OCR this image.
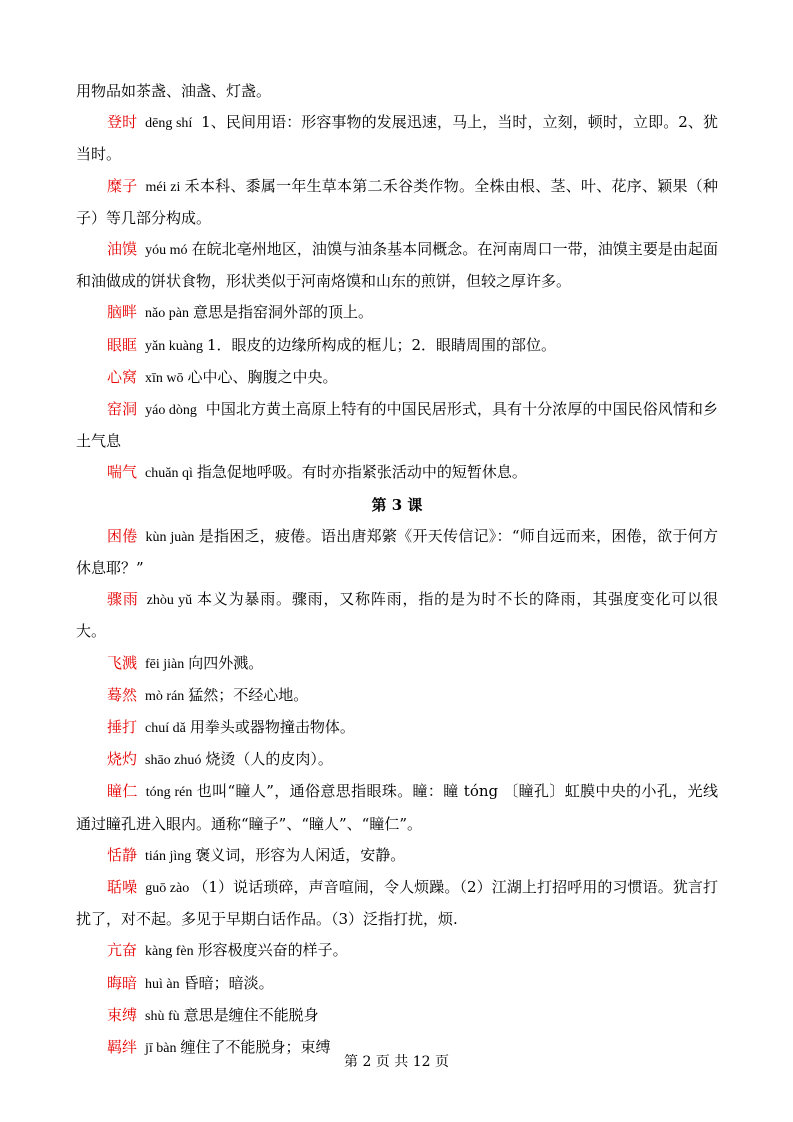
用物品如茶盏、油盏、灯盏。

登时 dēng shí 1、民间用语：形容事物的发展迅速，马上，当时，立刻，顿时，立即。2、犹当时。

糜子 méi zi 禾本科、黍属一年生草本第二禾谷类作物。全株由根、茎、叶、花序、颖果（种子）等几部分构成。

油馍 yóu mó 在皖北亳州地区，油馍与油条基本同概念。在河南周口一带，油馍主要是由起面和油做成的饼状食物，形状类似于河南烙馍和山东的煎饼，但较之厚许多。

脑畔 nǎo pàn 意思是指窑洞外部的顶上。

眼眶 yǎn kuàng 1．眼皮的边缘所构成的框儿；2．眼睛周围的部位。

心窝 xīn wō 心中心、胸腹之中央。

窑洞 yáo dòng 中国北方黄土高原上特有的中国民居形式，具有十分浓厚的中国民俗风情和乡土气息

喘气 chuǎn qì 指急促地呼吸。有时亦指紧张活动中的短暂休息。

第 3 课

困倦 kùn juàn 是指困乏，疲倦。语出唐郑綮《开天传信记》：“师自远而来，困倦，欲于何方休息耶？”

骤雨 zhòu yǔ 本义为暴雨。骤雨，又称阵雨，指的是为时不长的降雨，其强度变化可以很大。

飞溅 fēi jiàn 向四外溅。

蓦然 mò rán 猛然；不经心地。

捶打 chuí dǎ 用拳头或器物撞击物体。

烧灼 shāo zhuó 烧烫（人的皮肉）。

瞳仁 tóng rén 也叫“瞳人”，通俗意思指眼珠。瞳：瞳 tóng 〔瞳孔〕虹膜中央的小孔，光线通过瞳孔进入眼内。通称“瞳子”、“瞳人”、“瞳仁”。

恬静 tián jìng 褒义词，形容为人闲适，安静。

聒噪 guō zào （1）说话琐碎，声音喧闹，令人烦躁。（2）江湖上打招呼用的习惯语。犹言打扰了，对不起。多见于早期白话作品。（3）泛指打扰，烦.

亢奋 kàng fèn 形容极度兴奋的样子。

晦暗 huì àn 昏暗；暗淡。

束缚 shù fù 意思是缠住不能脱身

羁绊 jī bàn 缠住了不能脱身；束缚

第 2 页 共 12 页
